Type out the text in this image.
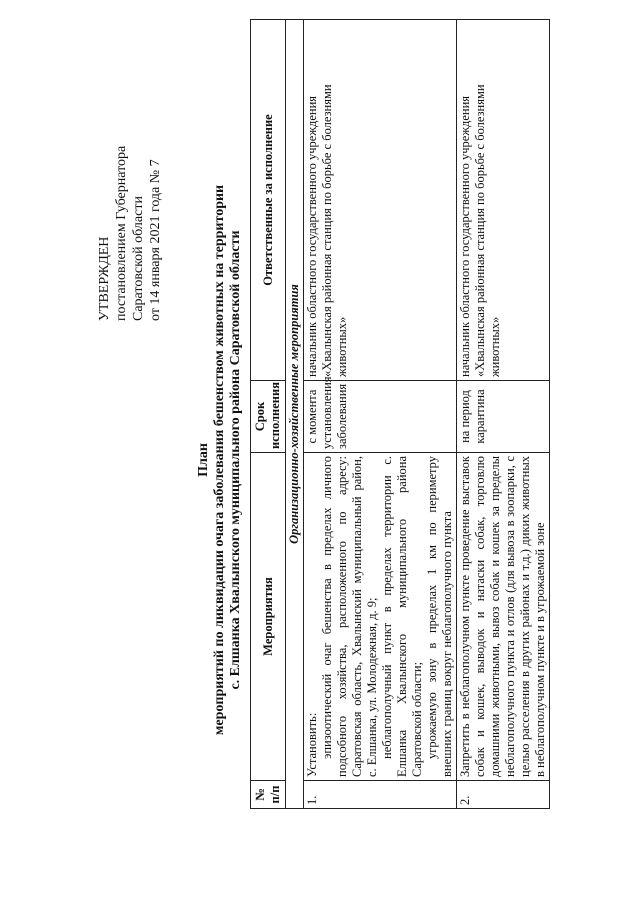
УТВЕРЖДЕН постановлением Губернатора Саратовской области от 14 января 2021 года № 7
План мероприятий по ликвидации очага заболевания бешенством животных на территории с. Елшанка Хвалынского муниципального района Саратовской области
№ п/п	Мероприятия	Срок исполнения	Ответственные за исполнение
Организационно-хозяйственные мероприятия			
1.	Установить: эпизоотический очаг бешенства в пределах личного подсобного хозяйства, расположенного по адресу: Саратовская область, Хвалынский муниципальный район, с. Елшанка, ул. Молодежная, д. 9; неблагополучный пункт в пределах территории с. Елшанка Хвалынского муниципального района Саратовской области; угрожаемую зону в пределах 1 км по периметру внешних границ вокруг неблагополучного пункта	с момента установления заболевания	начальник областного государственного учреждения «Хвалынская районная станция по борьбе с болезнями животных»
2.	Запретить в неблагополучном пункте проведение выставок собак и кошек, выводок и натаски собак, торговлю домашними животными, вывоз собак и кошек за пределы неблагополучного пункта и отлов (для вывоза в зоопарки, с целью расселения в других районах и т.д.) диких животных в неблагополучном пункте и в угрожаемой зоне	на период карантина	начальник областного государственного учреждения «Хвалынская районная станция по борьбе с болезнями животных»
